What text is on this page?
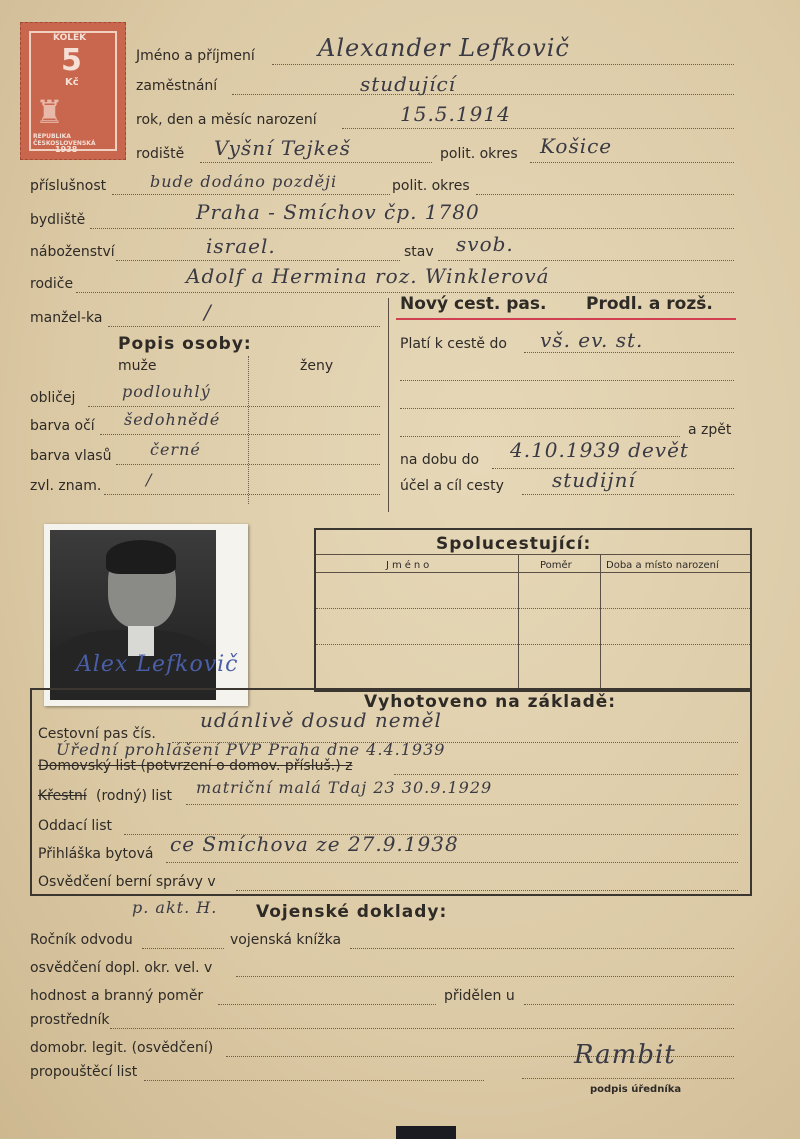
KOLEK
5
Kč
♜
REPUBLIKA ČESKOSLOVENSKÁ
1938
Jméno a příjmení	Alexander Lefkovič
zaměstnání	studující
rok, den a měsíc narození	15.5.1914
rodiště Vyšní Tejkeš	polit. okres Košice
příslušnost	bude dodáno později	polit. okres
bydliště	Praha - Smíchov čp. 1780
náboženství	israel.	stav svob.
rodiče	Adolf a Hermina roz. Winklerová
manžel-ka	/
Popis osoby:
muže	ženy
obličej	podlouhlý
barva očí šedohnědé
barva vlasů černé
zvl. znam.	/
Nový cest. pas. Prodl. a rozš.
Platí k cestě do vš. ev. st.
a zpět
na dobu do 4.10.1939 devět
účel a cíl cesty studijní
Spolucestující:
Jméno	Poměr	Doba a místo narození
Alex Lefkovič
Vyhotoveno na základě:
Cestovní pas čís.
udánlivě dosud neměl
Domovský list (potvrzení o domov. přísluš.) z
Úřední prohlášení PVP Praha dne 4.4.1939
Křestní (rodný) list matriční malá Tdaj 23 30.9.1929
Oddací list
Přihláška bytová ce Smíchova ze 27.9.1938
Osvědčení berní správy v
p. akt. H. Vojenské doklady:
Ročník odvodu	vojenská knížka
osvědčení dopl. okr. vel. v
hodnost a branný poměr	přidělen u
prostředník
domobr. legit. (osvědčení)
propouštěcí list
Rambit
podpis úředníka
